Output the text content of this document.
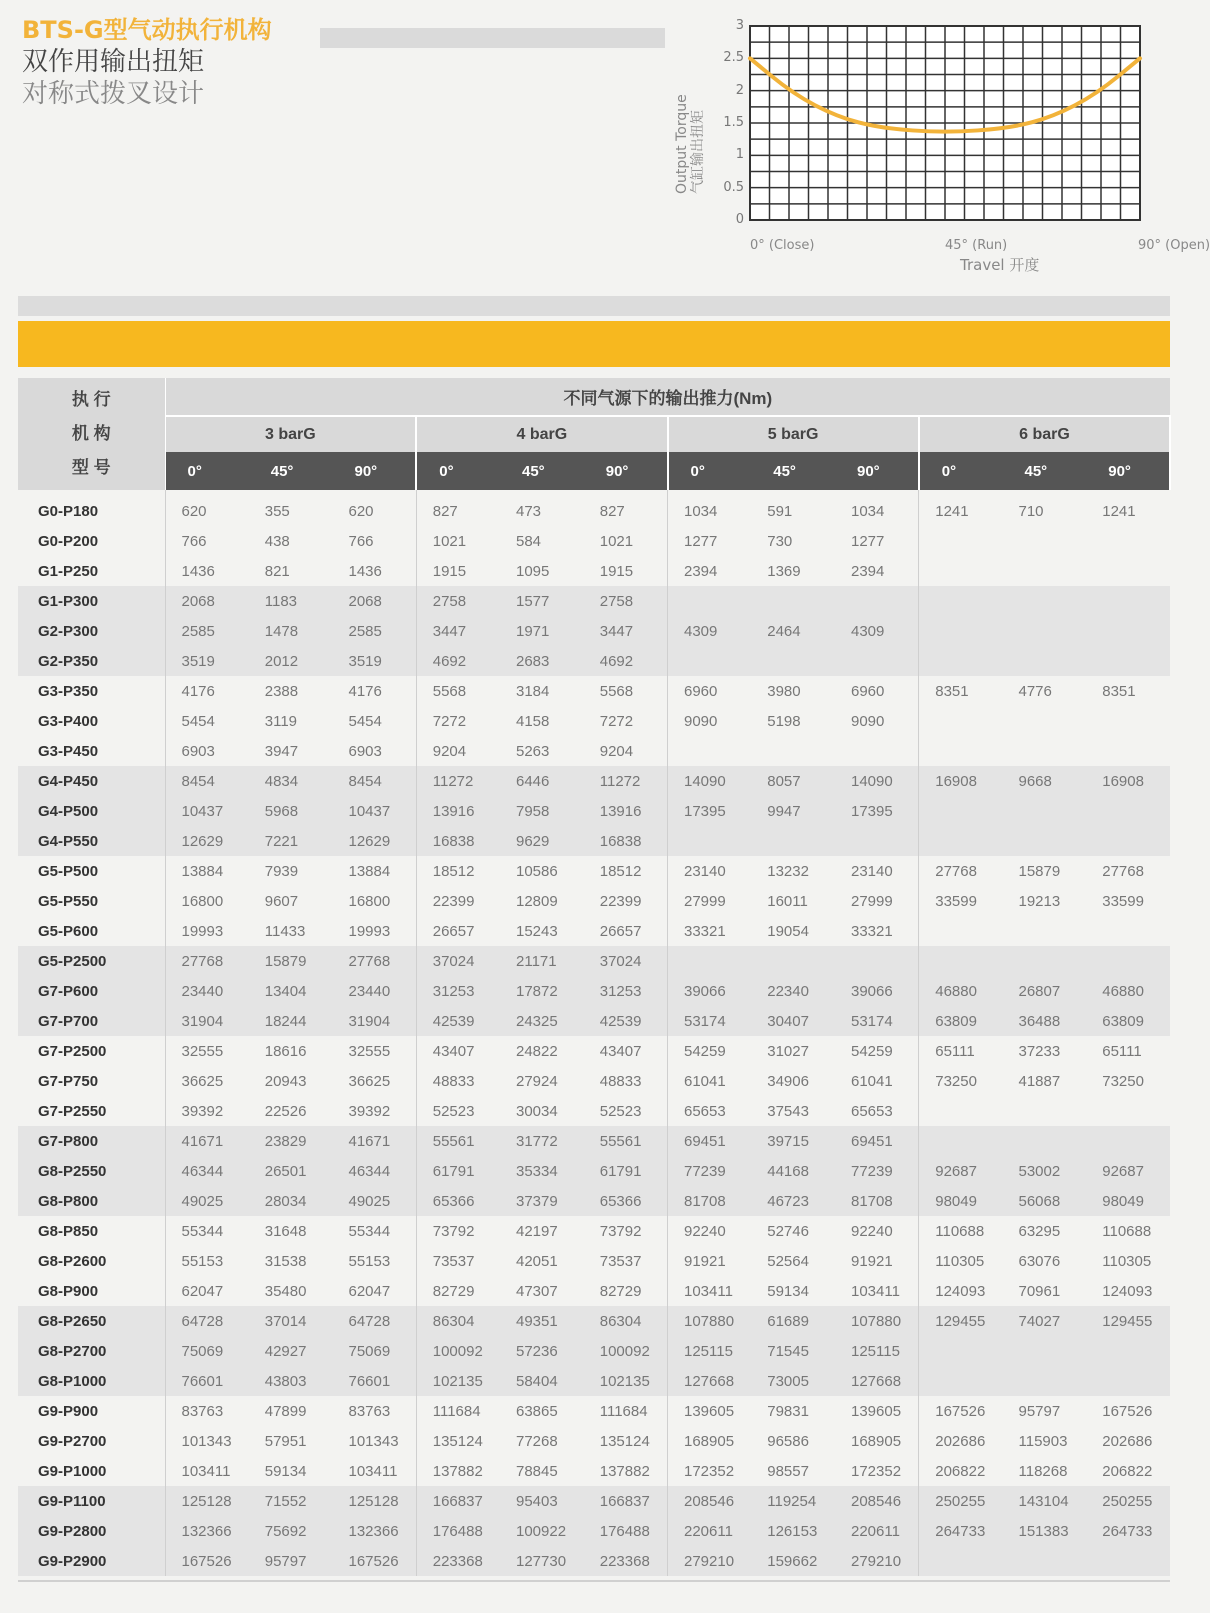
BTS-G型气动执行机构
双作用输出扭矩
对称式拨叉设计
Output Torque 气缸输出扭矩
Travel 开度
3
2.5
2
1.5
1
0.5
0
0° (Close)	45° (Run)	90° (Open)
执 行
机 构
型 号	不同气源下的输出推力(Nm)											
	3 barG			4 barG			5 barG			6 barG		
	0°	45°	90°	0°	45°	90°	0°	45°	90°	0°	45°	90°
G0-P180	620	355	620	827	473	827	1034	591	1034	1241	710	1241
G0-P200	766	438	766	1021	584	1021	1277	730	1277			
G1-P250	1436	821	1436	1915	1095	1915	2394	1369	2394			
G1-P300	2068	1183	2068	2758	1577	2758						
G2-P300	2585	1478	2585	3447	1971	3447	4309	2464	4309			
G2-P350	3519	2012	3519	4692	2683	4692						
G3-P350	4176	2388	4176	5568	3184	5568	6960	3980	6960	8351	4776	8351
G3-P400	5454	3119	5454	7272	4158	7272	9090	5198	9090			
G3-P450	6903	3947	6903	9204	5263	9204						
G4-P450	8454	4834	8454	11272	6446	11272	14090	8057	14090	16908	9668	16908
G4-P500	10437	5968	10437	13916	7958	13916	17395	9947	17395			
G4-P550	12629	7221	12629	16838	9629	16838						
G5-P500	13884	7939	13884	18512	10586	18512	23140	13232	23140	27768	15879	27768
G5-P550	16800	9607	16800	22399	12809	22399	27999	16011	27999	33599	19213	33599
G5-P600	19993	11433	19993	26657	15243	26657	33321	19054	33321			
G5-P2500	27768	15879	27768	37024	21171	37024						
G7-P600	23440	13404	23440	31253	17872	31253	39066	22340	39066	46880	26807	46880
G7-P700	31904	18244	31904	42539	24325	42539	53174	30407	53174	63809	36488	63809
G7-P2500	32555	18616	32555	43407	24822	43407	54259	31027	54259	65111	37233	65111
G7-P750	36625	20943	36625	48833	27924	48833	61041	34906	61041	73250	41887	73250
G7-P2550	39392	22526	39392	52523	30034	52523	65653	37543	65653			
G7-P800	41671	23829	41671	55561	31772	55561	69451	39715	69451			
G8-P2550	46344	26501	46344	61791	35334	61791	77239	44168	77239	92687	53002	92687
G8-P800	49025	28034	49025	65366	37379	65366	81708	46723	81708	98049	56068	98049
G8-P850	55344	31648	55344	73792	42197	73792	92240	52746	92240	110688	63295	110688
G8-P2600	55153	31538	55153	73537	42051	73537	91921	52564	91921	110305	63076	110305
G8-P900	62047	35480	62047	82729	47307	82729	103411	59134	103411	124093	70961	124093
G8-P2650	64728	37014	64728	86304	49351	86304	107880	61689	107880	129455	74027	129455
G8-P2700	75069	42927	75069	100092	57236	100092	125115	71545	125115			
G8-P1000	76601	43803	76601	102135	58404	102135	127668	73005	127668			
G9-P900	83763	47899	83763	111684	63865	111684	139605	79831	139605	167526	95797	167526
G9-P2700	101343	57951	101343	135124	77268	135124	168905	96586	168905	202686	115903	202686
G9-P1000	103411	59134	103411	137882	78845	137882	172352	98557	172352	206822	118268	206822
G9-P1100	125128	71552	125128	166837	95403	166837	208546	119254	208546	250255	143104	250255
G9-P2800	132366	75692	132366	176488	100922	176488	220611	126153	220611	264733	151383	264733
G9-P2900	167526	95797	167526	223368	127730	223368	279210	159662	279210			
